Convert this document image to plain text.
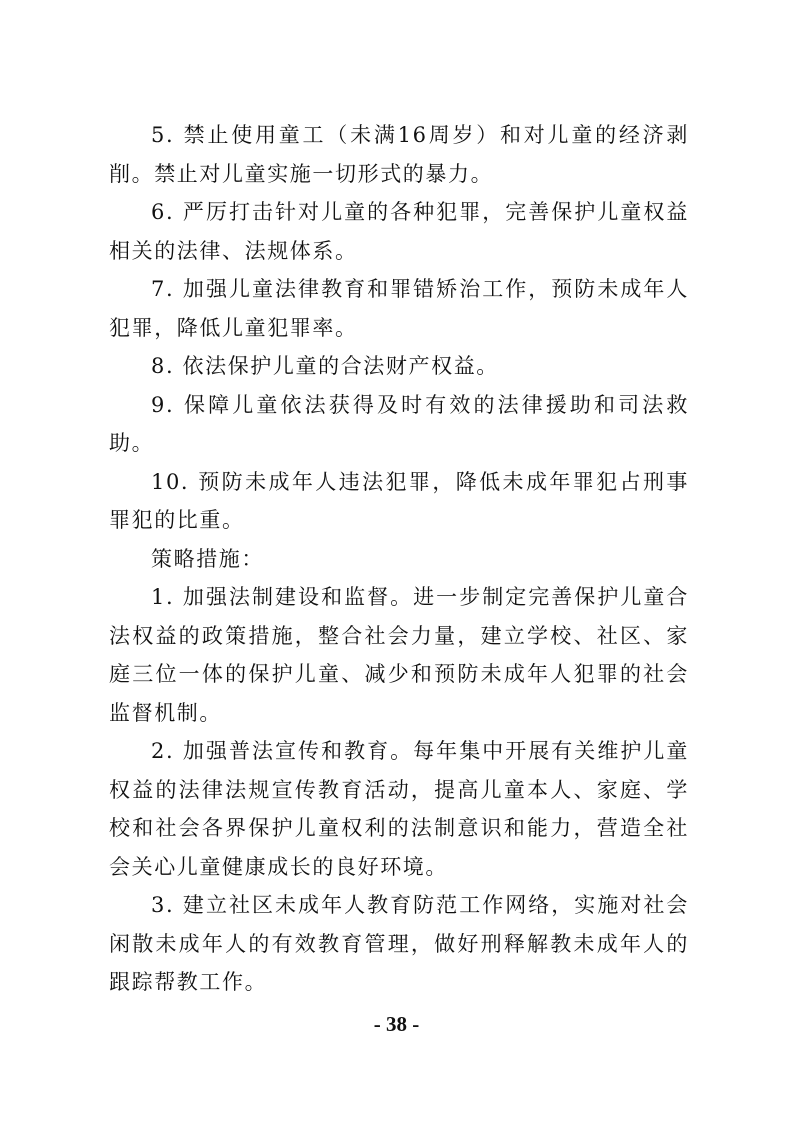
5. 禁止使用童工（未满16周岁）和对儿童的经济剥削。禁止对儿童实施一切形式的暴力。

6. 严厉打击针对儿童的各种犯罪，完善保护儿童权益相关的法律、法规体系。

7. 加强儿童法律教育和罪错矫治工作，预防未成年人犯罪，降低儿童犯罪率。

8. 依法保护儿童的合法财产权益。

9. 保障儿童依法获得及时有效的法律援助和司法救助。

10. 预防未成年人违法犯罪，降低未成年罪犯占刑事罪犯的比重。

策略措施：

1. 加强法制建设和监督。进一步制定完善保护儿童合法权益的政策措施，整合社会力量，建立学校、社区、家庭三位一体的保护儿童、减少和预防未成年人犯罪的社会监督机制。

2. 加强普法宣传和教育。每年集中开展有关维护儿童权益的法律法规宣传教育活动，提高儿童本人、家庭、学校和社会各界保护儿童权利的法制意识和能力，营造全社会关心儿童健康成长的良好环境。

3. 建立社区未成年人教育防范工作网络，实施对社会闲散未成年人的有效教育管理，做好刑释解教未成年人的跟踪帮教工作。

- 38 -
